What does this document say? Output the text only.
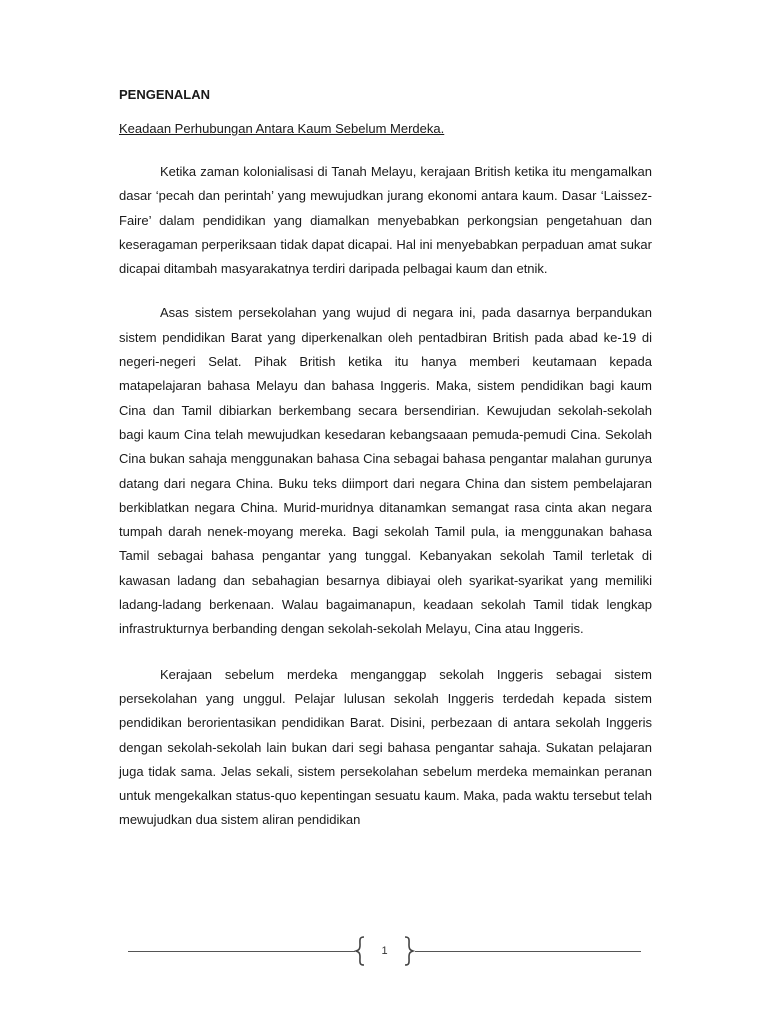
PENGENALAN

Keadaan Perhubungan Antara Kaum Sebelum Merdeka.

Ketika zaman kolonialisasi di Tanah Melayu, kerajaan British ketika itu mengamalkan dasar ‘pecah dan perintah’ yang mewujudkan jurang ekonomi antara kaum. Dasar ‘Laissez-Faire’ dalam pendidikan yang diamalkan menyebabkan perkongsian pengetahuan dan keseragaman perperiksaan tidak dapat dicapai. Hal ini menyebabkan perpaduan amat sukar dicapai ditambah masyarakatnya terdiri daripada pelbagai kaum dan etnik.

Asas sistem persekolahan yang wujud di negara ini, pada dasarnya berpandukan sistem pendidikan Barat yang diperkenalkan oleh pentadbiran British pada abad ke-19 di negeri-negeri Selat. Pihak British ketika itu hanya memberi keutamaan kepada matapelajaran bahasa Melayu dan bahasa Inggeris. Maka, sistem pendidikan bagi kaum Cina dan Tamil dibiarkan berkembang secara bersendirian. Kewujudan sekolah-sekolah bagi kaum Cina telah mewujudkan kesedaran kebangsaaan pemuda-pemudi Cina. Sekolah Cina bukan sahaja menggunakan bahasa Cina sebagai bahasa pengantar malahan gurunya datang dari negara China. Buku teks diimport dari negara China dan sistem pembelajaran berkiblatkan negara China. Murid-muridnya ditanamkan semangat rasa cinta akan negara tumpah darah nenek-moyang mereka. Bagi sekolah Tamil pula, ia menggunakan bahasa Tamil sebagai bahasa pengantar yang tunggal. Kebanyakan sekolah Tamil terletak di kawasan ladang dan sebahagian besarnya dibiayai oleh syarikat-syarikat yang memiliki ladang-ladang berkenaan. Walau bagaimanapun, keadaan sekolah Tamil tidak lengkap infrastrukturnya berbanding dengan sekolah-sekolah Melayu, Cina atau Inggeris.

Kerajaan sebelum merdeka menganggap sekolah Inggeris sebagai sistem persekolahan yang unggul. Pelajar lulusan sekolah Inggeris terdedah kepada sistem pendidikan berorientasikan pendidikan Barat. Disini, perbezaan di antara sekolah Inggeris dengan sekolah-sekolah lain bukan dari segi bahasa pengantar sahaja. Sukatan pelajaran juga tidak sama. Jelas sekali, sistem persekolahan sebelum merdeka memainkan peranan untuk mengekalkan status-quo kepentingan sesuatu kaum. Maka, pada waktu tersebut telah mewujudkan dua sistem aliran pendidikan

1
